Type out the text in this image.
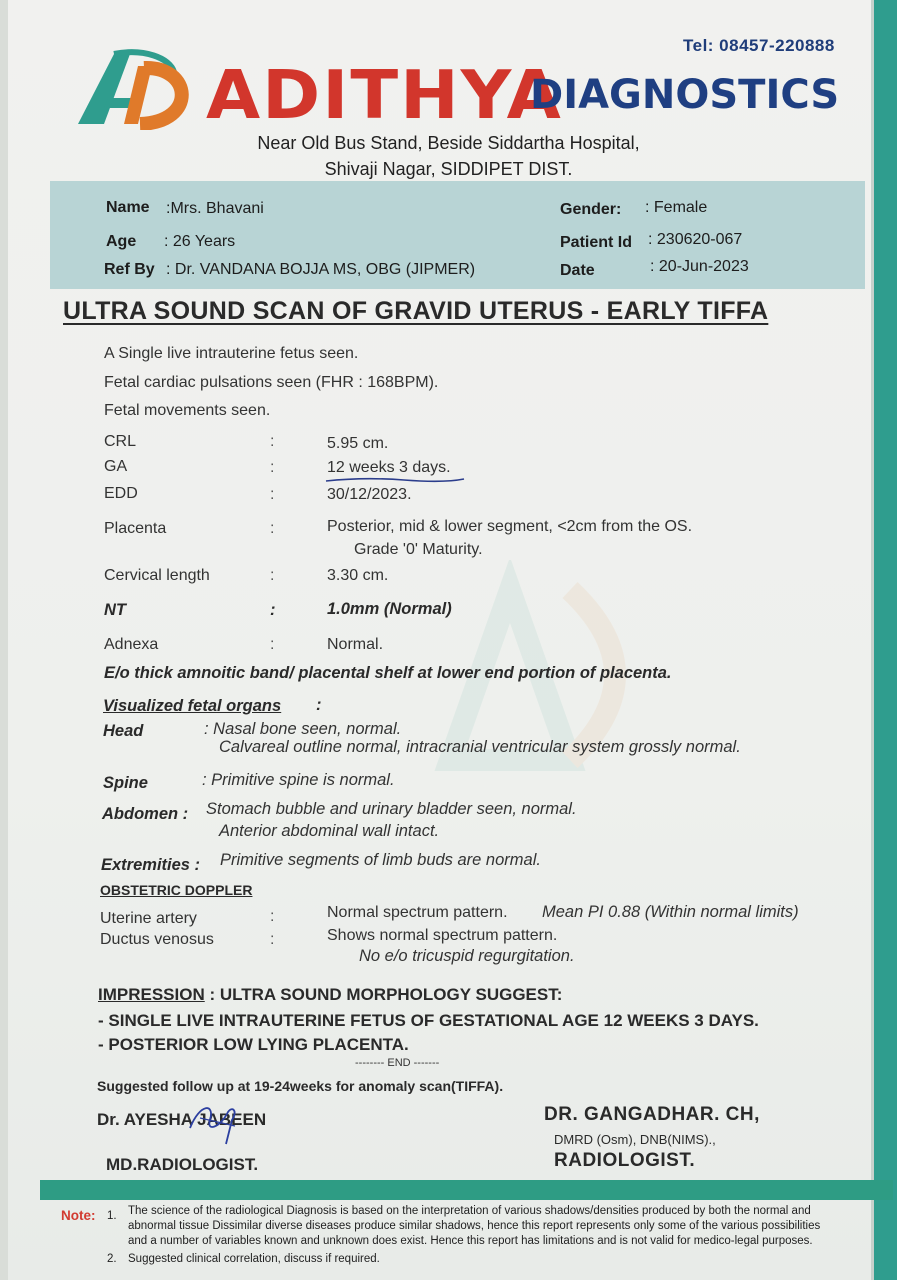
Tel: 08457-220888
ADITHYA
DIAGNOSTICS
Near Old Bus Stand, Beside Siddartha Hospital,
Shivaji Nagar, SIDDIPET DIST.
Name :Mrs. Bhavani
Age : 26 Years
Ref By : Dr. VANDANA BOJJA MS, OBG (JIPMER)
Gender: : Female
Patient Id : 230620-067
Date	: 20-Jun-2023
ULTRA SOUND SCAN OF GRAVID UTERUS - EARLY TIFFA
A Single live intrauterine fetus seen.
Fetal cardiac pulsations seen (FHR : 168BPM).
Fetal movements seen.
CRL	:	5.95 cm.
GA	:	12 weeks 3 days.
EDD	:	30/12/2023.
Placenta	:	Posterior, mid & lower segment, <2cm from the OS.
Grade '0' Maturity.
Cervical length	:	3.30 cm.
NT	:	1.0mm (Normal)
Adnexa	:	Normal.
E/o thick amnoitic band/ placental shelf at lower end portion of placenta.
Visualized fetal organs :
Head	: Nasal bone seen, normal.
Calvareal outline normal, intracranial ventricular system grossly normal.
Spine	: Primitive spine is normal.
Abdomen : Stomach bubble and urinary bladder seen, normal.
Anterior abdominal wall intact.
Extremities : Primitive segments of limb buds are normal.
OBSTETRIC DOPPLER
Uterine artery	:	Normal spectrum pattern. Mean PI 0.88 (Within normal limits)
Ductus venosus	:	Shows normal spectrum pattern.
No e/o tricuspid regurgitation.
IMPRESSION : ULTRA SOUND MORPHOLOGY SUGGEST:
- SINGLE LIVE INTRAUTERINE FETUS OF GESTATIONAL AGE 12 WEEKS 3 DAYS.
- POSTERIOR LOW LYING PLACENTA.
-------- END -------
Suggested follow up at 19-24weeks for anomaly scan(TIFFA).
Dr. AYESHA JABEEN
MD.RADIOLOGIST.
DR. GANGADHAR. CH,
DMRD (Osm), DNB(NIMS).,
RADIOLOGIST.
Note: 1. The science of the radiological Diagnosis is based on the interpretation of various shadows/densities produced by both the normal and
abnormal tissue Dissimilar diverse diseases produce similar shadows, hence this report represents only some of the various possibilities
and a number of variables known and unknown does exist. Hence this report has limitations and is not valid for medico-legal purposes.
2. Suggested clinical correlation, discuss if required.
